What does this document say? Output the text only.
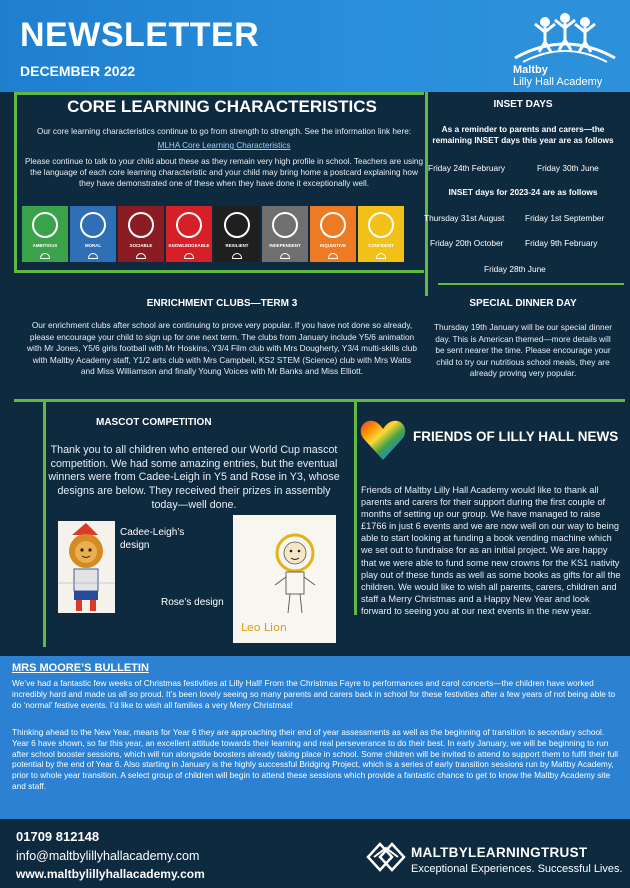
NEWSLETTER
DECEMBER 2022	Maltby
Lilly Hall Academy
CORE LEARNING CHARACTERISTICS
Our core learning characteristics continue to go from strength to strength. See the information link here:
MLHA Core Learning Characteristics
Please continue to talk to your child about these as they remain very high profile in school. Teachers are using the language of each core learning characteristic and your child may bring home a postcard explaining how they have demonstrated one of these when they have done it exceptionally well.
AMBITIOUS	MORAL	SOCIABLE	KNOWLEDGEABLE	RESILIENT	INDEPENDENT	INQUISITIVE	CONFIDENT
INSET DAYS
As a reminder to parents and carers—the remaining INSET days this year are as follows
Friday 24th February	Friday 30th June
INSET days for 2023-24 are as follows
Thursday 31st August Friday 1st September
Friday 20th October	Friday 9th February
Friday 28th June
ENRICHMENT CLUBS—TERM 3
Our enrichment clubs after school are continuing to prove very popular. If you have not done so already, please encourage your child to sign up for one next term. The clubs from January include Y5/6 animation with Mr Jones, Y5/6 girls football with Mr Hoskins, Y3/4 Film club with Mrs Dougherty, Y3/4 multi-skills club with Maltby Academy staff, Y1/2 arts club with Mrs Campbell, KS2 STEM (Science) club with Mrs Watts and Miss Williamson and finally Young Voices with Mr Banks and Miss Elliott.
SPECIAL DINNER DAY
Thursday 19th January will be our special dinner day. This is American themed—more details will be sent nearer the time. Please encourage your child to try our nutritious school meals, they are already proving very popular.
MASCOT COMPETITION
Thank you to all children who entered our World Cup mascot competition. We had some amazing entries, but the eventual winners were from Cadee-Leigh in Y5 and Rose in Y3, whose designs are below. They received their prizes in assembly today—well done.
Cadee-Leigh’s design
Leo Lion
Rose’s design
FRIENDS OF LILLY HALL NEWS
Friends of Maltby Lilly Hall Academy would like to thank all parents and carers for their support during the first couple of months of setting up our group. We have managed to raise £1766 in just 6 events and we are now well on our way to being able to start looking at funding a book vending machine which we set out to fundraise for as an initial project. We are happy that we were able to fund some new crowns for the KS1 nativity play out of these funds as well as some books as gifts for all the children. We would like to wish all parents, carers, children and staff a Merry Christmas and a Happy New Year and look forward to seeing you at our next events in the new year.
MRS MOORE’S BULLETIN
We’ve had a fantastic few weeks of Christmas festivities at Lilly Hall! From the Christmas Fayre to performances and carol concerts—the children have worked incredibly hard and made us all so proud. It’s been lovely seeing so many parents and carers back in school for these festivities after a few years of not being able to do ‘normal’ festive events. I’d like to wish all families a very Merry Christmas!
Thinking ahead to the New Year, means for Year 6 they are approaching their end of year assessments as well as the beginning of transition to secondary school. Year 6 have shown, so far this year, an excellent attitude towards their learning and real perseverance to do their best. In early January, we will be beginning to run after school booster sessions, which will run alongside boosters already taking place in school. Some children will be invited to attend to support them to fulfil their full potential by the end of Year 6. Also starting in January is the highly successful Bridging Project, which is a series of early transition sessions run by Maltby Academy, prior to whole year transition. A select group of children will begin to attend these sessions which provide a fantastic chance to get to know the Maltby Academy site and staff.
01709 812148
info@maltbylillyhallacademy.com
www.maltbylillyhallacademy.com
MALTBYLEARNINGTRUST
Exceptional Experiences. Successful Lives.
